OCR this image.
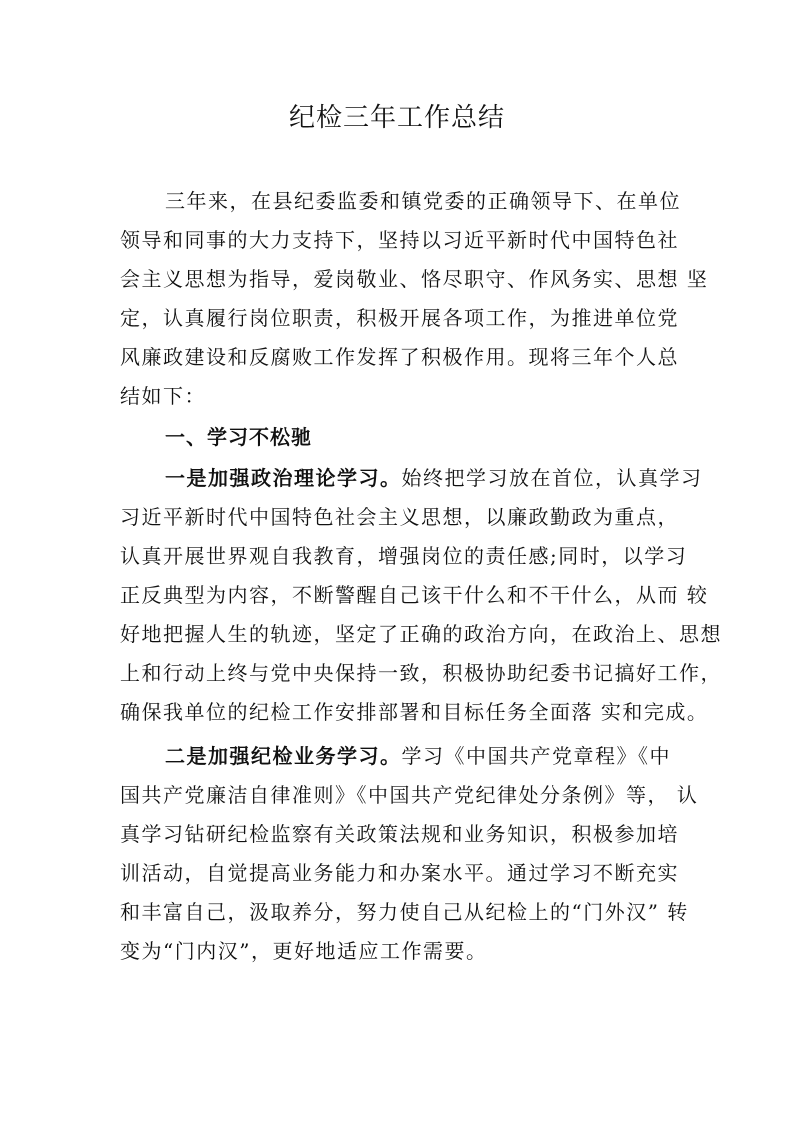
纪检三年工作总结
三年来，在县纪委监委和镇党委的正确领导下、在单位
领导和同事的大力支持下，坚持以习近平新时代中国特色社
会主义思想为指导，爱岗敬业、恪尽职守、作风务实、思想 坚
定，认真履行岗位职责，积极开展各项工作，为推进单位党
风廉政建设和反腐败工作发挥了积极作用。现将三年个人总
结如下：
一、学习不松驰
一是加强政治理论学习。始终把学习放在首位，认真学习
习近平新时代中国特色社会主义思想，以廉政勤政为重点，
认真开展世界观自我教育，增强岗位的责任感;同时，以学习
正反典型为内容，不断警醒自己该干什么和不干什么，从而 较
好地把握人生的轨迹，坚定了正确的政治方向，在政治上、思想
上和行动上终与党中央保持一致，积极协助纪委书记搞好工作，
确保我单位的纪检工作安排部署和目标任务全面落 实和完成。
二是加强纪检业务学习。学习《中国共产党章程》《中
国共产党廉洁自律准则》《中国共产党纪律处分条例》等， 认
真学习钻研纪检监察有关政策法规和业务知识，积极参加培
训活动，自觉提高业务能力和办案水平。通过学习不断充实
和丰富自己，汲取养分，努力使自己从纪检上的“门外汉” 转
变为“门内汉”，更好地适应工作需要。
